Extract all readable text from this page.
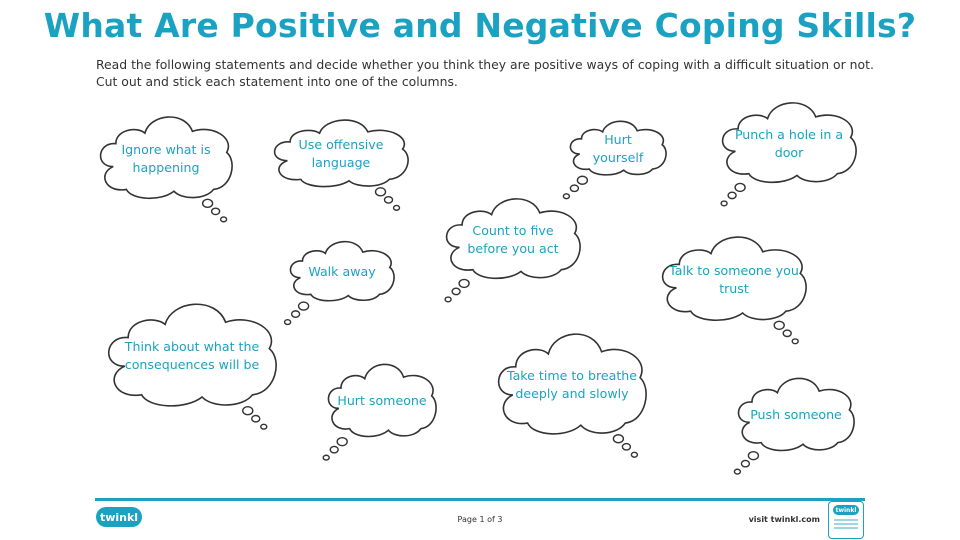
What Are Positive and Negative Coping Skills?
Read the following statements and decide whether you think they are positive ways of coping with a difficult situation or not. Cut out and stick each statement into one of the columns.
Ignore what is happening
Use offensive language
Hurt yourself
Punch a hole in a door
Count to five before you act
Walk away	Talk to someone you trust
Think about what the consequences will be
Hurt someone
Take time to breathe deeply and slowly
Push someone
twinkl	Page 1 of 3	visit twinkl.com
twinkl
